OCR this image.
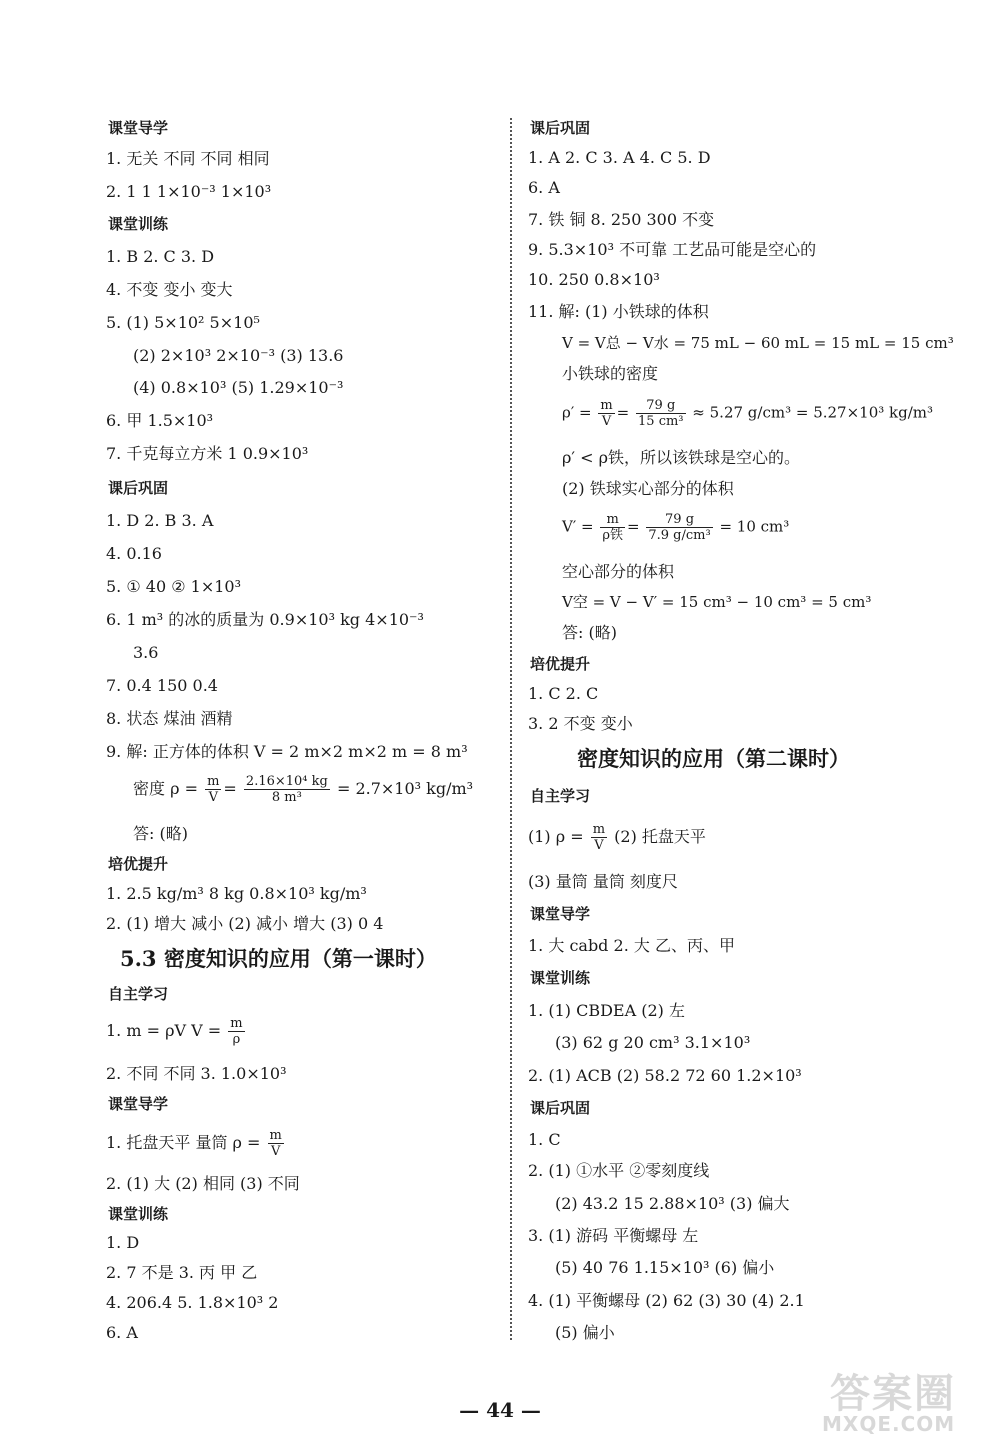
课堂导学
1. 无关 不同 不同 相同
2. 1 1 1×10⁻³ 1×10³
课堂训练
1. B 2. C 3. D
4. 不变 变小 变大
5. (1) 5×10² 5×10⁵
(2) 2×10³ 2×10⁻³ (3) 13.6
(4) 0.8×10³ (5) 1.29×10⁻³
6. 甲 1.5×10³
7. 千克每立方米 1 0.9×10³
课后巩固
1. D 2. B 3. A
4. 0.16
5. ① 40 ② 1×10³
6. 1 m³ 的冰的质量为 0.9×10³ kg 4×10⁻³
3.6
7. 0.4 150 0.4
8. 状态 煤油 酒精
9. 解: 正方体的体积 V = 2 m×2 m×2 m = 8 m³
密度 $\rho = \frac{m}{V} = \frac{\text{2.16×10⁴ kg}}{\text{8 m³}} = 2.7\times 10^3$ kg/m³
答: (略)
培优提升
1. 2.5 kg/m³ 8 kg 0.8×10³ kg/m³
2. (1) 增大 减小 (2) 减小 增大 (3) 0 4
5.3 密度知识的应用（第一课时）
自主学习
1. m = ρV $V = \frac{m}{\rho}$
2. 不同 不同 3. 1.0×10³
课堂导学
1. 托盘天平 量筒 $\rho = \frac{m}{V}$
2. (1) 大 (2) 相同 (3) 不同
课堂训练
1. D
2. 7 不是 3. 丙 甲 乙
4. 206.4 5. 1.8×10³ 2
6. A
课后巩固
1. A 2. C 3. A 4. C 5. D
6. A
7. 铁 铜 8. 250 300 不变
9. 5.3×10³ 不可靠 工艺品可能是空心的
10. 250 0.8×10³
11. 解: (1) 小铁球的体积
V = V总 − V水 = 75 mL − 60 mL = 15 mL = 15 cm³
小铁球的密度
$\rho' = \frac{m}{V} = \frac{79 g}{\text{15 cm³}} \approx 5.27$ g/cm³ = 5.27×10³ kg/m³
ρ′ < ρ铁，所以该铁球是空心的。
(2) 铁球实心部分的体积
$V' = \frac{m}{\text{ρ铁}} = \frac{79 g}{\text{7.9 g/cm³}} = 10$ cm³
空心部分的体积
V空 = V − V′ = 15 cm³ − 10 cm³ = 5 cm³
答: (略)
培优提升
1. C 2. C
3. 2 不变 变小
密度知识的应用（第二课时）
自主学习
(1) $\rho = \frac{m}{V} (2)$ 托盘天平
(3) 量筒 量筒 刻度尺
课堂导学
1. 大 cabd 2. 大 乙、丙、甲
课堂训练
1. (1) CBDEA (2) 左
(3) 62 g 20 cm³ 3.1×10³
2. (1) ACB (2) 58.2 72 60 1.2×10³
课后巩固
1. C
2. (1) ①水平 ②零刻度线
(2) 43.2 15 2.88×10³ (3) 偏大
3. (1) 游码 平衡螺母 左
(5) 40 76 1.15×10³ (6) 偏小
4. (1) 平衡螺母 (2) 62 (3) 30 (4) 2.1
(5) 偏小
— 44 —	答案圈
MXQE.COM
